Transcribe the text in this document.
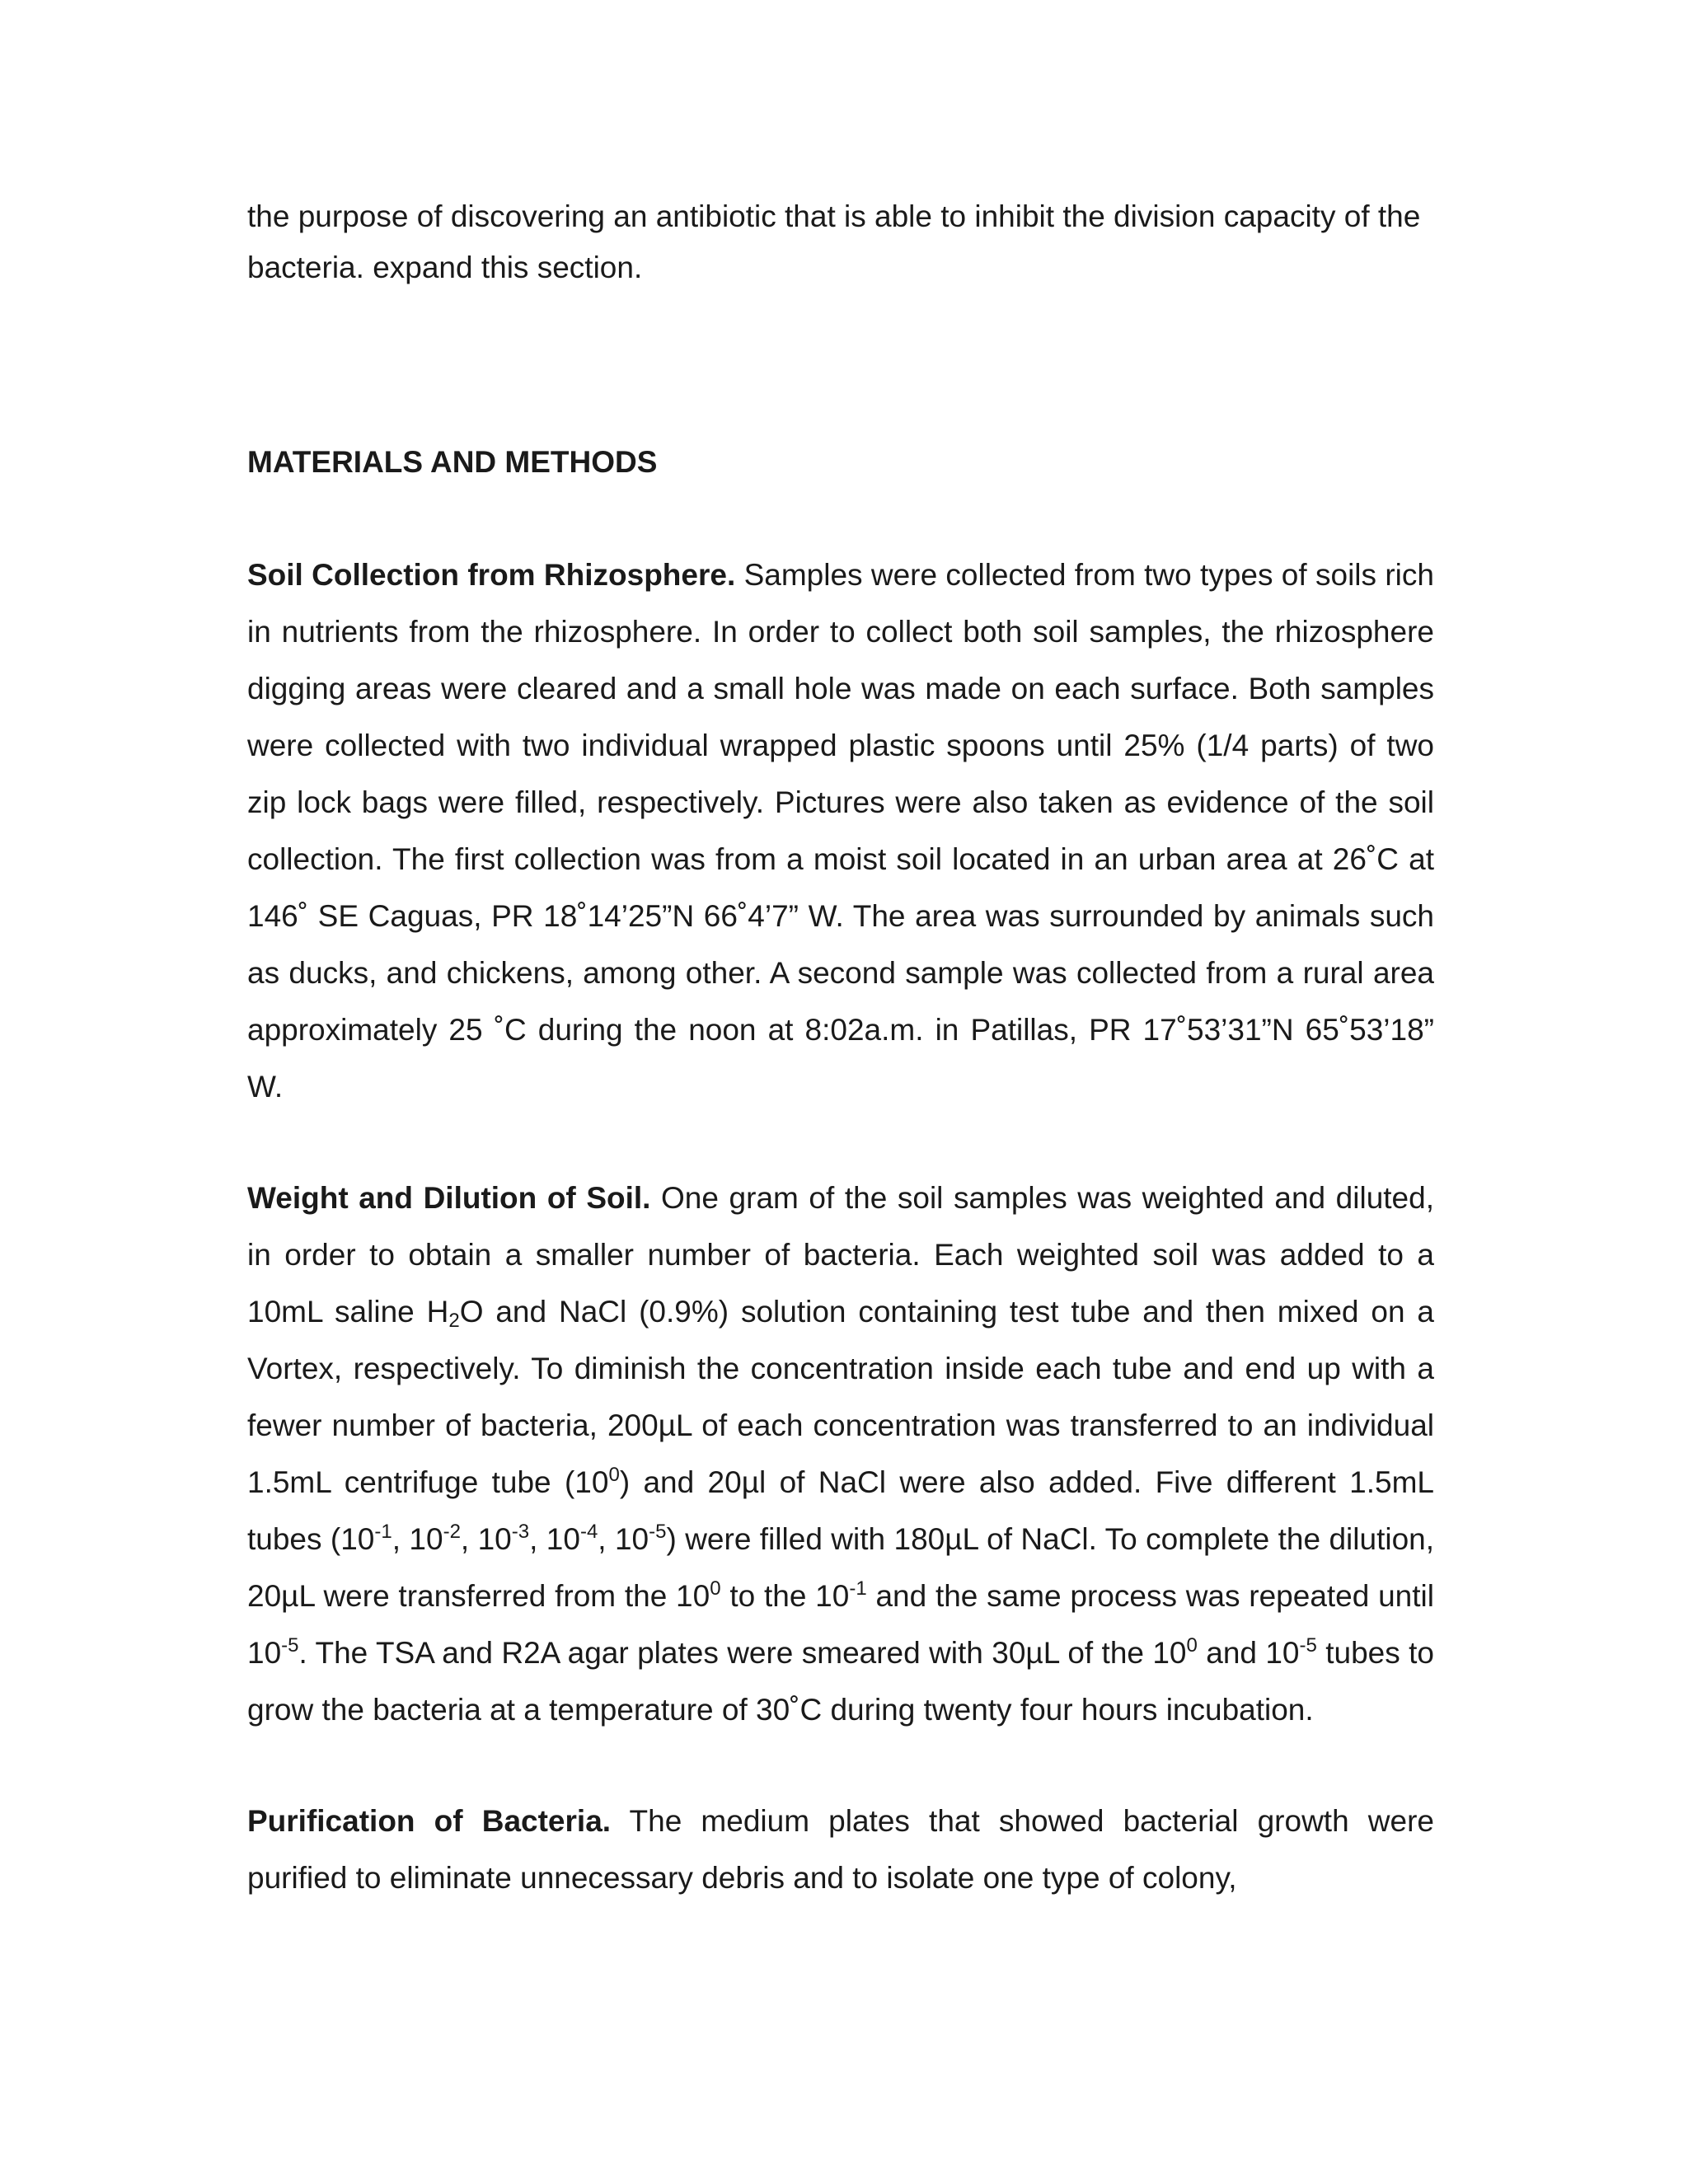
the purpose of discovering an antibiotic that is able to inhibit the division capacity of the bacteria. expand this section.

MATERIALS AND METHODS

Soil Collection from Rhizosphere. Samples were collected from two types of soils rich in nutrients from the rhizosphere. In order to collect both soil samples, the rhizosphere digging areas were cleared and a small hole was made on each surface. Both samples were collected with two individual wrapped plastic spoons until 25% (1/4 parts) of two zip lock bags were filled, respectively. Pictures were also taken as evidence of the soil collection. The first collection was from a moist soil located in an urban area at 26˚C at 146˚ SE Caguas, PR 18˚14’25”N 66˚4’7” W. The area was surrounded by animals such as ducks, and chickens, among other. A second sample was collected from a rural area approximately 25 ˚C during the noon at 8:02a.m. in Patillas, PR 17˚53’31”N 65˚53’18” W.

Weight and Dilution of Soil. One gram of the soil samples was weighted and diluted, in order to obtain a smaller number of bacteria. Each weighted soil was added to a 10mL saline $H_2O$ and NaCl (0.9%) solution containing test tube and then mixed on a Vortex, respectively. To diminish the concentration inside each tube and end up with a fewer number of bacteria, 200µL of each concentration was transferred to an individual 1.5mL centrifuge tube $(10^0)$ and 20µl of NaCl were also added. Five different 1.5mL tubes ($10^{-1}$, $10^{-2}$, $10^{-3}$, $10^{-4}$, $10^{-5}$) were filled with 180µL of NaCl. To complete the dilution, 20µL were transferred from the $10^0$ to the $10^{-1}$ and the same process was repeated until $10^{-5}$. The TSA and R2A agar plates were smeared with 30µL of the $10^0$ and $10^{-5}$ tubes to grow the bacteria at a temperature of 30˚C during twenty four hours incubation.

Purification of Bacteria. The medium plates that showed bacterial growth were purified to eliminate unnecessary debris and to isolate one type of colony,
